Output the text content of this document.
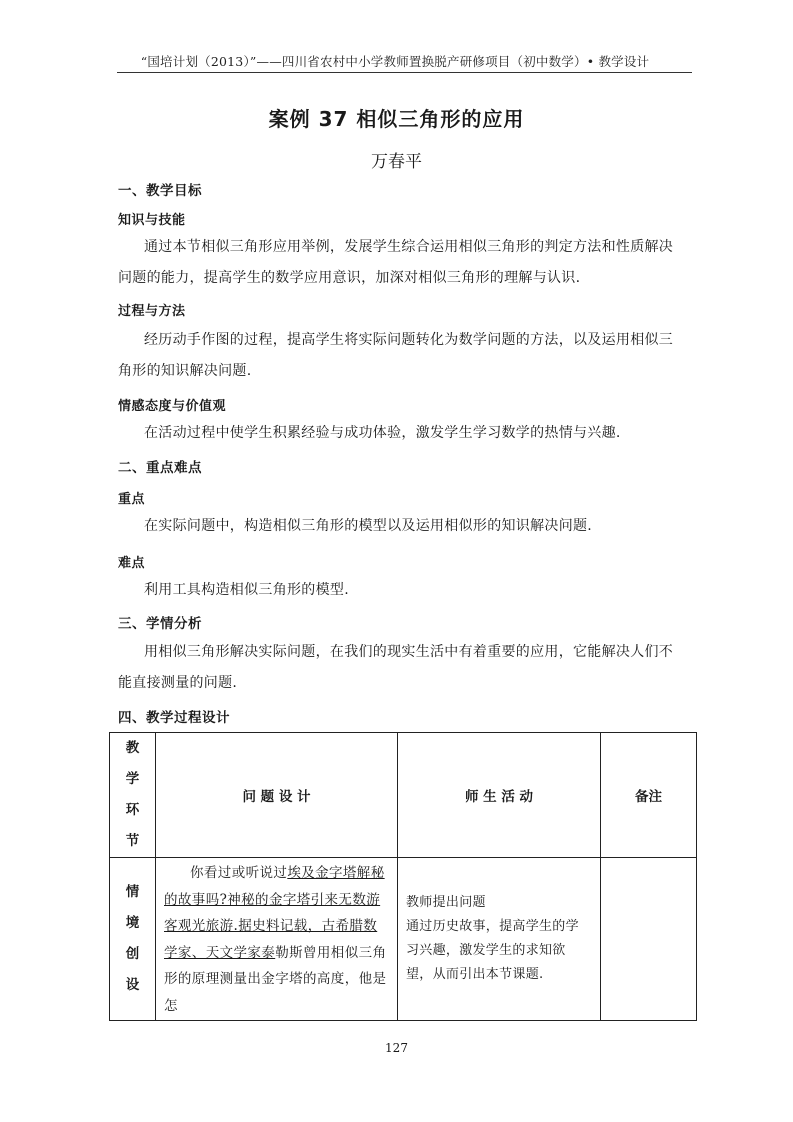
“国培计划（2013）”——四川省农村中小学教师置换脱产研修项目（初中数学）• 教学设计
案例 37 相似三角形的应用
万春平
一、教学目标
知识与技能
通过本节相似三角形应用举例，发展学生综合运用相似三角形的判定方法和性质解决问题的能力，提高学生的数学应用意识，加深对相似三角形的理解与认识.
过程与方法
经历动手作图的过程，提高学生将实际问题转化为数学问题的方法，以及运用相似三角形的知识解决问题.
情感态度与价值观
在活动过程中使学生积累经验与成功体验，激发学生学习数学的热情与兴趣.
二、重点难点
重点
在实际问题中，构造相似三角形的模型以及运用相似形的知识解决问题.
难点
利用工具构造相似三角形的模型.
三、学情分析
用相似三角形解决实际问题，在我们的现实生活中有着重要的应用，它能解决人们不能直接测量的问题.
四、教学过程设计
教
学
环
节	问 题 设 计	师 生 活 动	备注

情
境
创
设	你看过或听说过埃及金字塔解秘的故事吗?神秘的金字塔引来无数游客观光旅游.据史料记载，古希腊数学家、天文学家泰勒斯曾用相似三角形的原理测量出金字塔的高度，他是怎	教师提出问题
通过历史故事，提高学生的学习兴趣，激发学生的求知欲望，从而引出本节课题.	

127
